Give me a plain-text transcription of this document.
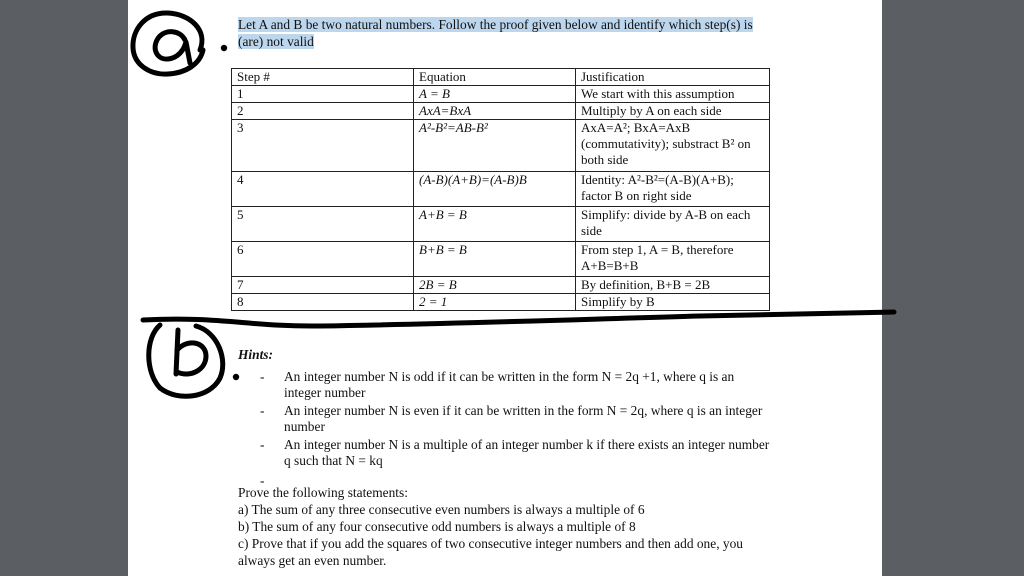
Let A and B be two natural numbers. Follow the proof given below and identify which step(s) is (are) not valid
Step #	Equation	Justification
1	A = B	We start with this assumption
2	AxA=BxA	Multiply by A on each side
3	A²-B²=AB-B²	AxA=A²; BxA=AxB (commutativity); substract B² on both side
4	(A-B)(A+B)=(A-B)B	Identity: A²-B²=(A-B)(A+B); factor B on right side
5	A+B = B	Simplify: divide by A-B on each side
6	B+B = B	From step 1, A = B, therefore A+B=B+B
7	2B = B	By definition, B+B = 2B
8	2 = 1	Simplify by B
Hints:
-	An integer number N is odd if it can be written in the form N = 2q +1, where q is an integer number
-	An integer number N is even if it can be written in the form N = 2q, where q is an integer number
-	An integer number N is a multiple of an integer number k if there exists an integer number q such that N = kq
-
Prove the following statements:
a) The sum of any three consecutive even numbers is always a multiple of 6
b) The sum of any four consecutive odd numbers is always a multiple of 8
c) Prove that if you add the squares of two consecutive integer numbers and then add one, you always get an even number.
